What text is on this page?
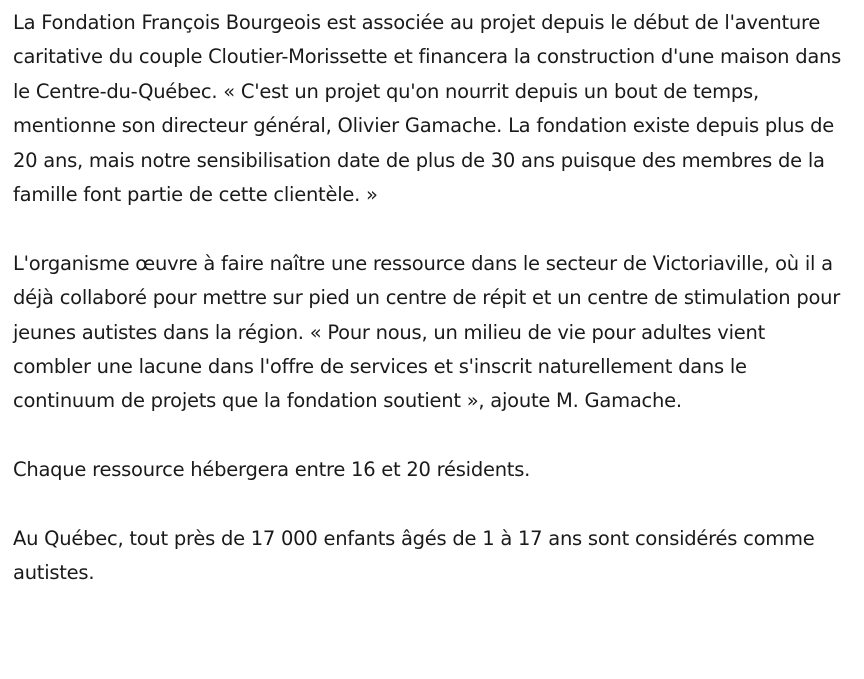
La Fondation François Bourgeois est associée au projet depuis le début de l'aventure caritative du couple Cloutier-Morissette et financera la construction d'une maison dans le Centre-du-Québec. « C'est un projet qu'on nourrit depuis un bout de temps, mentionne son directeur général, Olivier Gamache. La fondation existe depuis plus de 20 ans, mais notre sensibilisation date de plus de 30 ans puisque des membres de la famille font partie de cette clientèle. »

L'organisme œuvre à faire naître une ressource dans le secteur de Victoriaville, où il a déjà collaboré pour mettre sur pied un centre de répit et un centre de stimulation pour jeunes autistes dans la région. « Pour nous, un milieu de vie pour adultes vient combler une lacune dans l'offre de services et s'inscrit naturellement dans le continuum de projets que la fondation soutient », ajoute M. Gamache.

Chaque ressource hébergera entre 16 et 20 résidents.

Au Québec, tout près de 17 000 enfants âgés de 1 à 17 ans sont considérés comme autistes.
